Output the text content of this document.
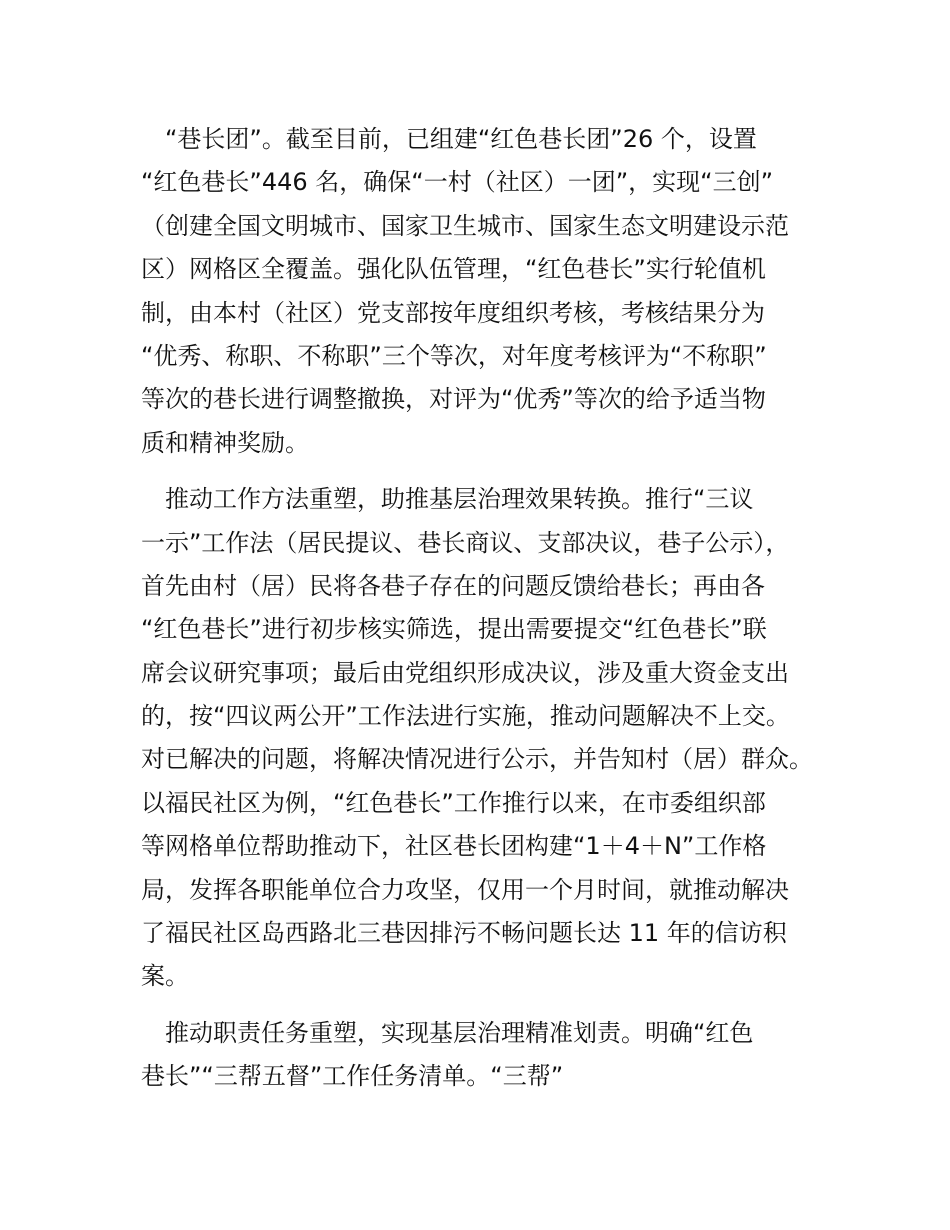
　“巷长团”。截至目前，已组建“红色巷长团”26 个，设置
“红色巷长”446 名，确保“一村（社区）一团”，实现“三创”
（创建全国文明城市、国家卫生城市、国家生态文明建设示范
区）网格区全覆盖。强化队伍管理，“红色巷长”实行轮值机
制，由本村（社区）党支部按年度组织考核，考核结果分为
“优秀、称职、不称职”三个等次，对年度考核评为“不称职”
等次的巷长进行调整撤换，对评为“优秀”等次的给予适当物
质和精神奖励。

　推动工作方法重塑，助推基层治理效果转换。推行“三议
一示”工作法（居民提议、巷长商议、支部决议，巷子公示），
首先由村（居）民将各巷子存在的问题反馈给巷长；再由各
“红色巷长”进行初步核实筛选，提出需要提交“红色巷长”联
席会议研究事项；最后由党组织形成决议，涉及重大资金支出
的，按“四议两公开”工作法进行实施，推动问题解决不上交。
对已解决的问题，将解决情况进行公示，并告知村（居）群众。
以福民社区为例，“红色巷长”工作推行以来，在市委组织部
等网格单位帮助推动下，社区巷长团构建“1＋4＋N”工作格
局，发挥各职能单位合力攻坚，仅用一个月时间，就推动解决
了福民社区岛西路北三巷因排污不畅问题长达 11 年的信访积
案。

　推动职责任务重塑，实现基层治理精准划责。明确“红色
巷长”“三帮五督”工作任务清单。“三帮”
